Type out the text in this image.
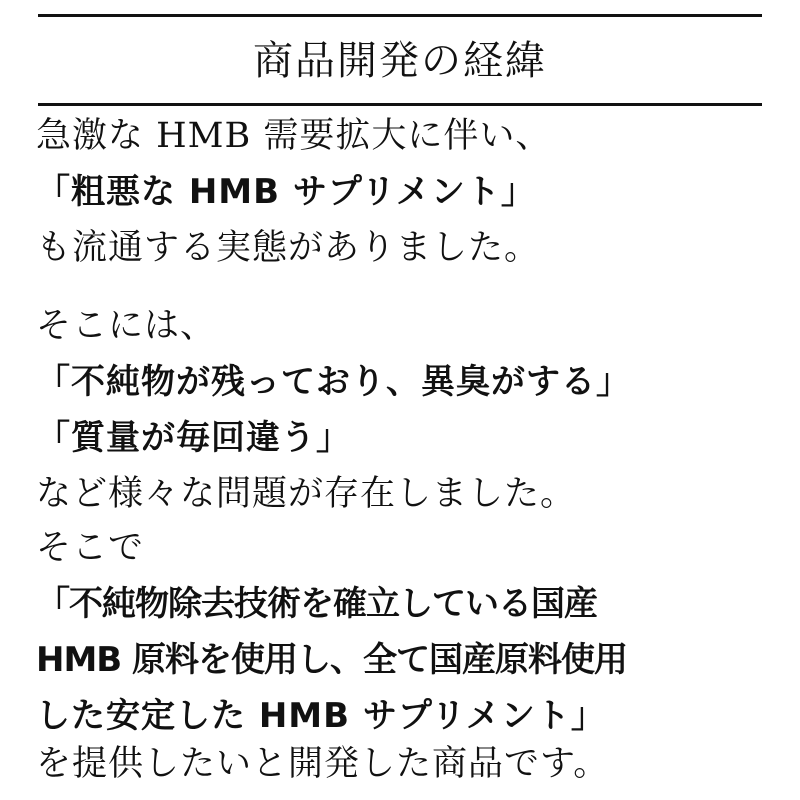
商品開発の経緯
急激な HMB 需要拡大に伴い、
「粗悪な HMB サプリメント」
も流通する実態がありました。
そこには、
「不純物が残っており、異臭がする」
「質量が毎回違う」
など様々な問題が存在しました。
そこで
「不純物除去技術を確立している国産
HMB 原料を使用し、全て国産原料使用
した安定した HMB サプリメント」
を提供したいと開発した商品です。
